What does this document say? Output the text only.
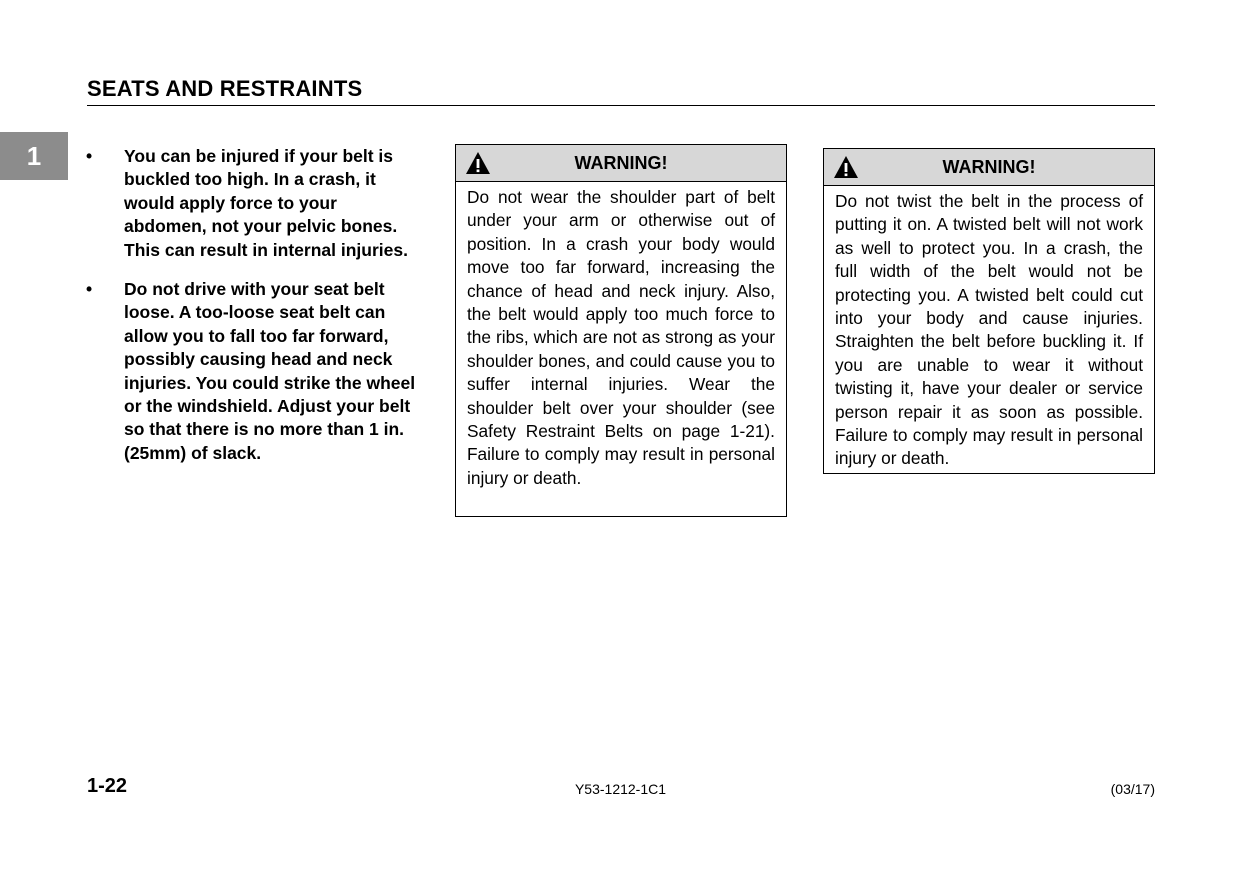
SEATS AND RESTRAINTS
1	• You can be injured if your belt is buckled too high. In a crash, it would apply force to your abdomen, not your pelvic bones. This can result in internal injuries.
• Do not drive with your seat belt loose. A too-loose seat belt can allow you to fall too far forward, possibly causing head and neck injuries. You could strike the wheel or the windshield. Adjust your belt so that there is no more than 1 in. (25mm) of slack.
WARNING!

Do not wear the shoulder part of belt under your arm or otherwise out of position. In a crash your body would move too far forward, increasing the chance of head and neck injury. Also, the belt would apply too much force to the ribs, which are not as strong as your shoulder bones, and could cause you to suffer internal injuries. Wear the shoulder belt over your shoulder (see Safety Restraint Belts on page 1-21). Failure to comply may result in personal injury or death.

WARNING!

Do not twist the belt in the process of putting it on. A twisted belt will not work as well to protect you. In a crash, the full width of the belt would not be protecting you. A twisted belt could cut into your body and cause injuries. Straighten the belt before buckling it. If you are unable to wear it without twisting it, have your dealer or service person repair it as soon as possible. Failure to comply may result in personal injury or death.

1-22	Y53-1212-1C1	(03/17)
